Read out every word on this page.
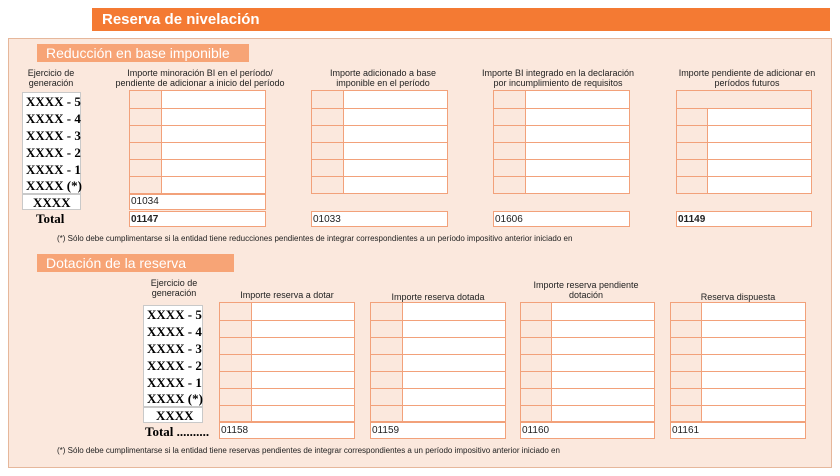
Reserva de nivelación
Reducción en base imponible
Ejercicio de generación
XXXX - 5
XXXX - 4
XXXX - 3
XXXX - 2
XXXX - 1
XXXX (*)
XXXX
Total
Importe minoración BI en el período/ pendiente de adicionar a inicio del período
01034
01147
Importe adicionado a base imponible en el período
01033
Importe BI integrado en la declaración por incumplimiento de requisitos
01606
Importe pendiente de adicionar en períodos futuros
01149
(*) Sólo debe cumplimentarse si la entidad tiene reducciones pendientes de integrar correspondientes a un período impositivo anterior iniciado en
Dotación de la reserva
Ejercicio de generación
XXXX - 5
XXXX - 4
XXXX - 3
XXXX - 2
XXXX - 1
XXXX (*)
XXXX
Total ..........
Importe reserva a dotar
01158
Importe reserva dotada
01159
Importe reserva pendiente dotación
01160
Reserva dispuesta
01161
(*) Sólo debe cumplimentarse si la entidad tiene reservas pendientes de integrar correspondientes a un período impositivo anterior iniciado en
